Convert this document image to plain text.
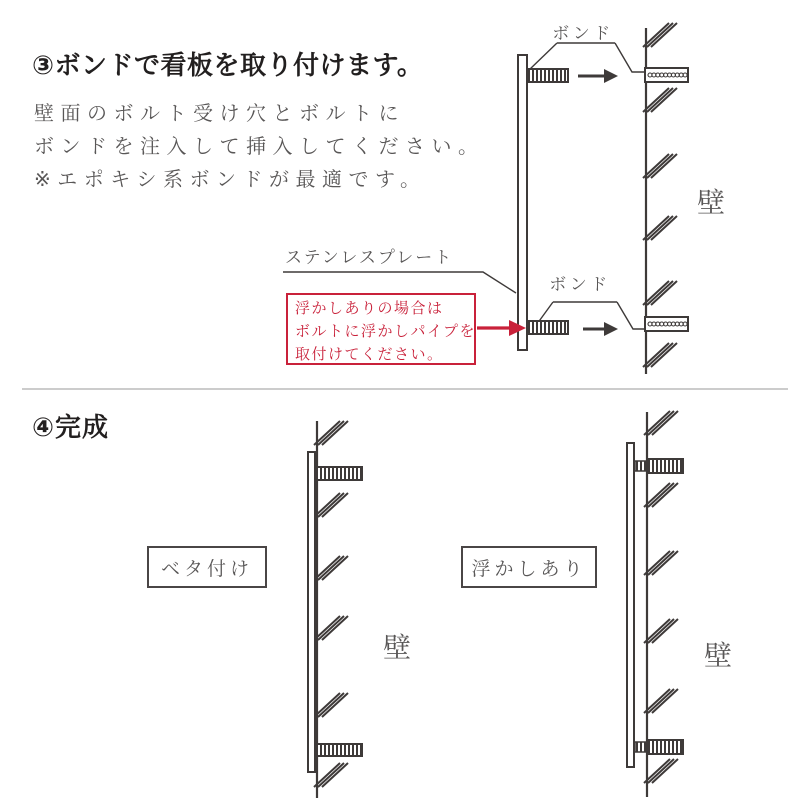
③ボンドで看板を取り付けます。
壁面のボルト受け穴とボルトに
ボンドを注入して挿入してください。
※エポキシ系ボンドが最適です。
ボンド
ボンド
ステンレスプレート
壁
浮かしありの場合は
ボルトに浮かしパイプを
取付けてください。
④完成
ベタ付け	浮かしあり
壁	壁
